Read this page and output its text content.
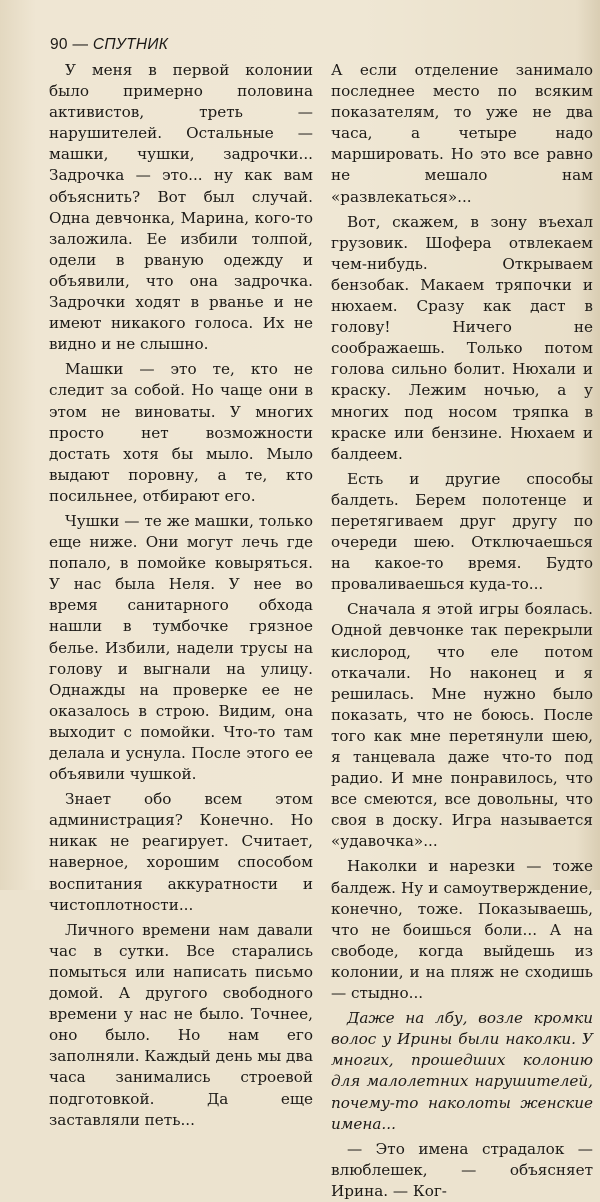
90 — СПУТНИК

У меня в первой колонии было примерно половина активистов, треть — нарушителей. Остальные — машки, чушки, задрочки... Задрочка — это... ну как вам объяснить? Вот был случай. Одна девчонка, Марина, кого-то заложила. Ее избили толпой, одели в рваную одежду и объявили, что она задрочка. Задрочки ходят в рванье и не имеют никакого голоса. Их не видно и не слышно.

Машки — это те, кто не следит за собой. Но чаще они в этом не виноваты. У многих просто нет возможности достать хотя бы мыло. Мыло выдают поровну, а те, кто посильнее, отбирают его.

Чушки — те же машки, только еще ниже. Они могут лечь где попало, в помойке ковыряться. У нас была Неля. У нее во время санитарного обхода нашли в тумбочке грязное белье. Избили, надели трусы на голову и выгнали на улицу. Однажды на проверке ее не оказалось в строю. Видим, она выходит с помойки. Что-то там делала и уснула. После этого ее объявили чушкой.

Знает обо всем этом администрация? Конечно. Но никак не реагирует. Считает, наверное, хорошим способом воспитания аккуратности и чистоплотности...

Личного времени нам давали час в сутки. Все старались помыться или написать письмо домой. А другого свободного времени у нас не было. Точнее, оно было. Но нам его заполняли. Каждый день мы два часа занимались строевой подготовкой. Да еще заставляли петь...

А если отделение занимало последнее место по всяким показателям, то уже не два часа, а четыре надо маршировать. Но это все равно не мешало нам «развлекаться»...

Вот, скажем, в зону въехал грузовик. Шофера отвлекаем чем-нибудь. Открываем бензобак. Макаем тряпочки и нюхаем. Сразу как даст в голову! Ничего не соображаешь. Только потом голова сильно болит. Нюхали и краску. Лежим ночью, а у многих под носом тряпка в краске или бензине. Нюхаем и балдеем.

Есть и другие способы балдеть. Берем полотенце и перетягиваем друг другу по очереди шею. Отключаешься на какое-то время. Будто проваливаешься куда-то...

Сначала я этой игры боялась. Одной девчонке так перекрыли кислород, что еле потом откачали. Но наконец и я решилась. Мне нужно было показать, что не боюсь. После того как мне перетянули шею, я танцевала даже что-то под радио. И мне понравилось, что все смеются, все довольны, что своя в доску. Игра называется «удавочка»...

Наколки и нарезки — тоже балдеж. Ну и самоутверждение, конечно, тоже. Показываешь, что не боишься боли... А на свободе, когда выйдешь из колонии, и на пляж не сходишь — стыдно...

Даже на лбу, возле кромки волос у Ирины были наколки. У многих, прошедших колонию для малолетних нарушителей, почему-то наколоты женские имена...

— Это имена страдалок — влюблешек, — объясняет Ирина. — Ког-
